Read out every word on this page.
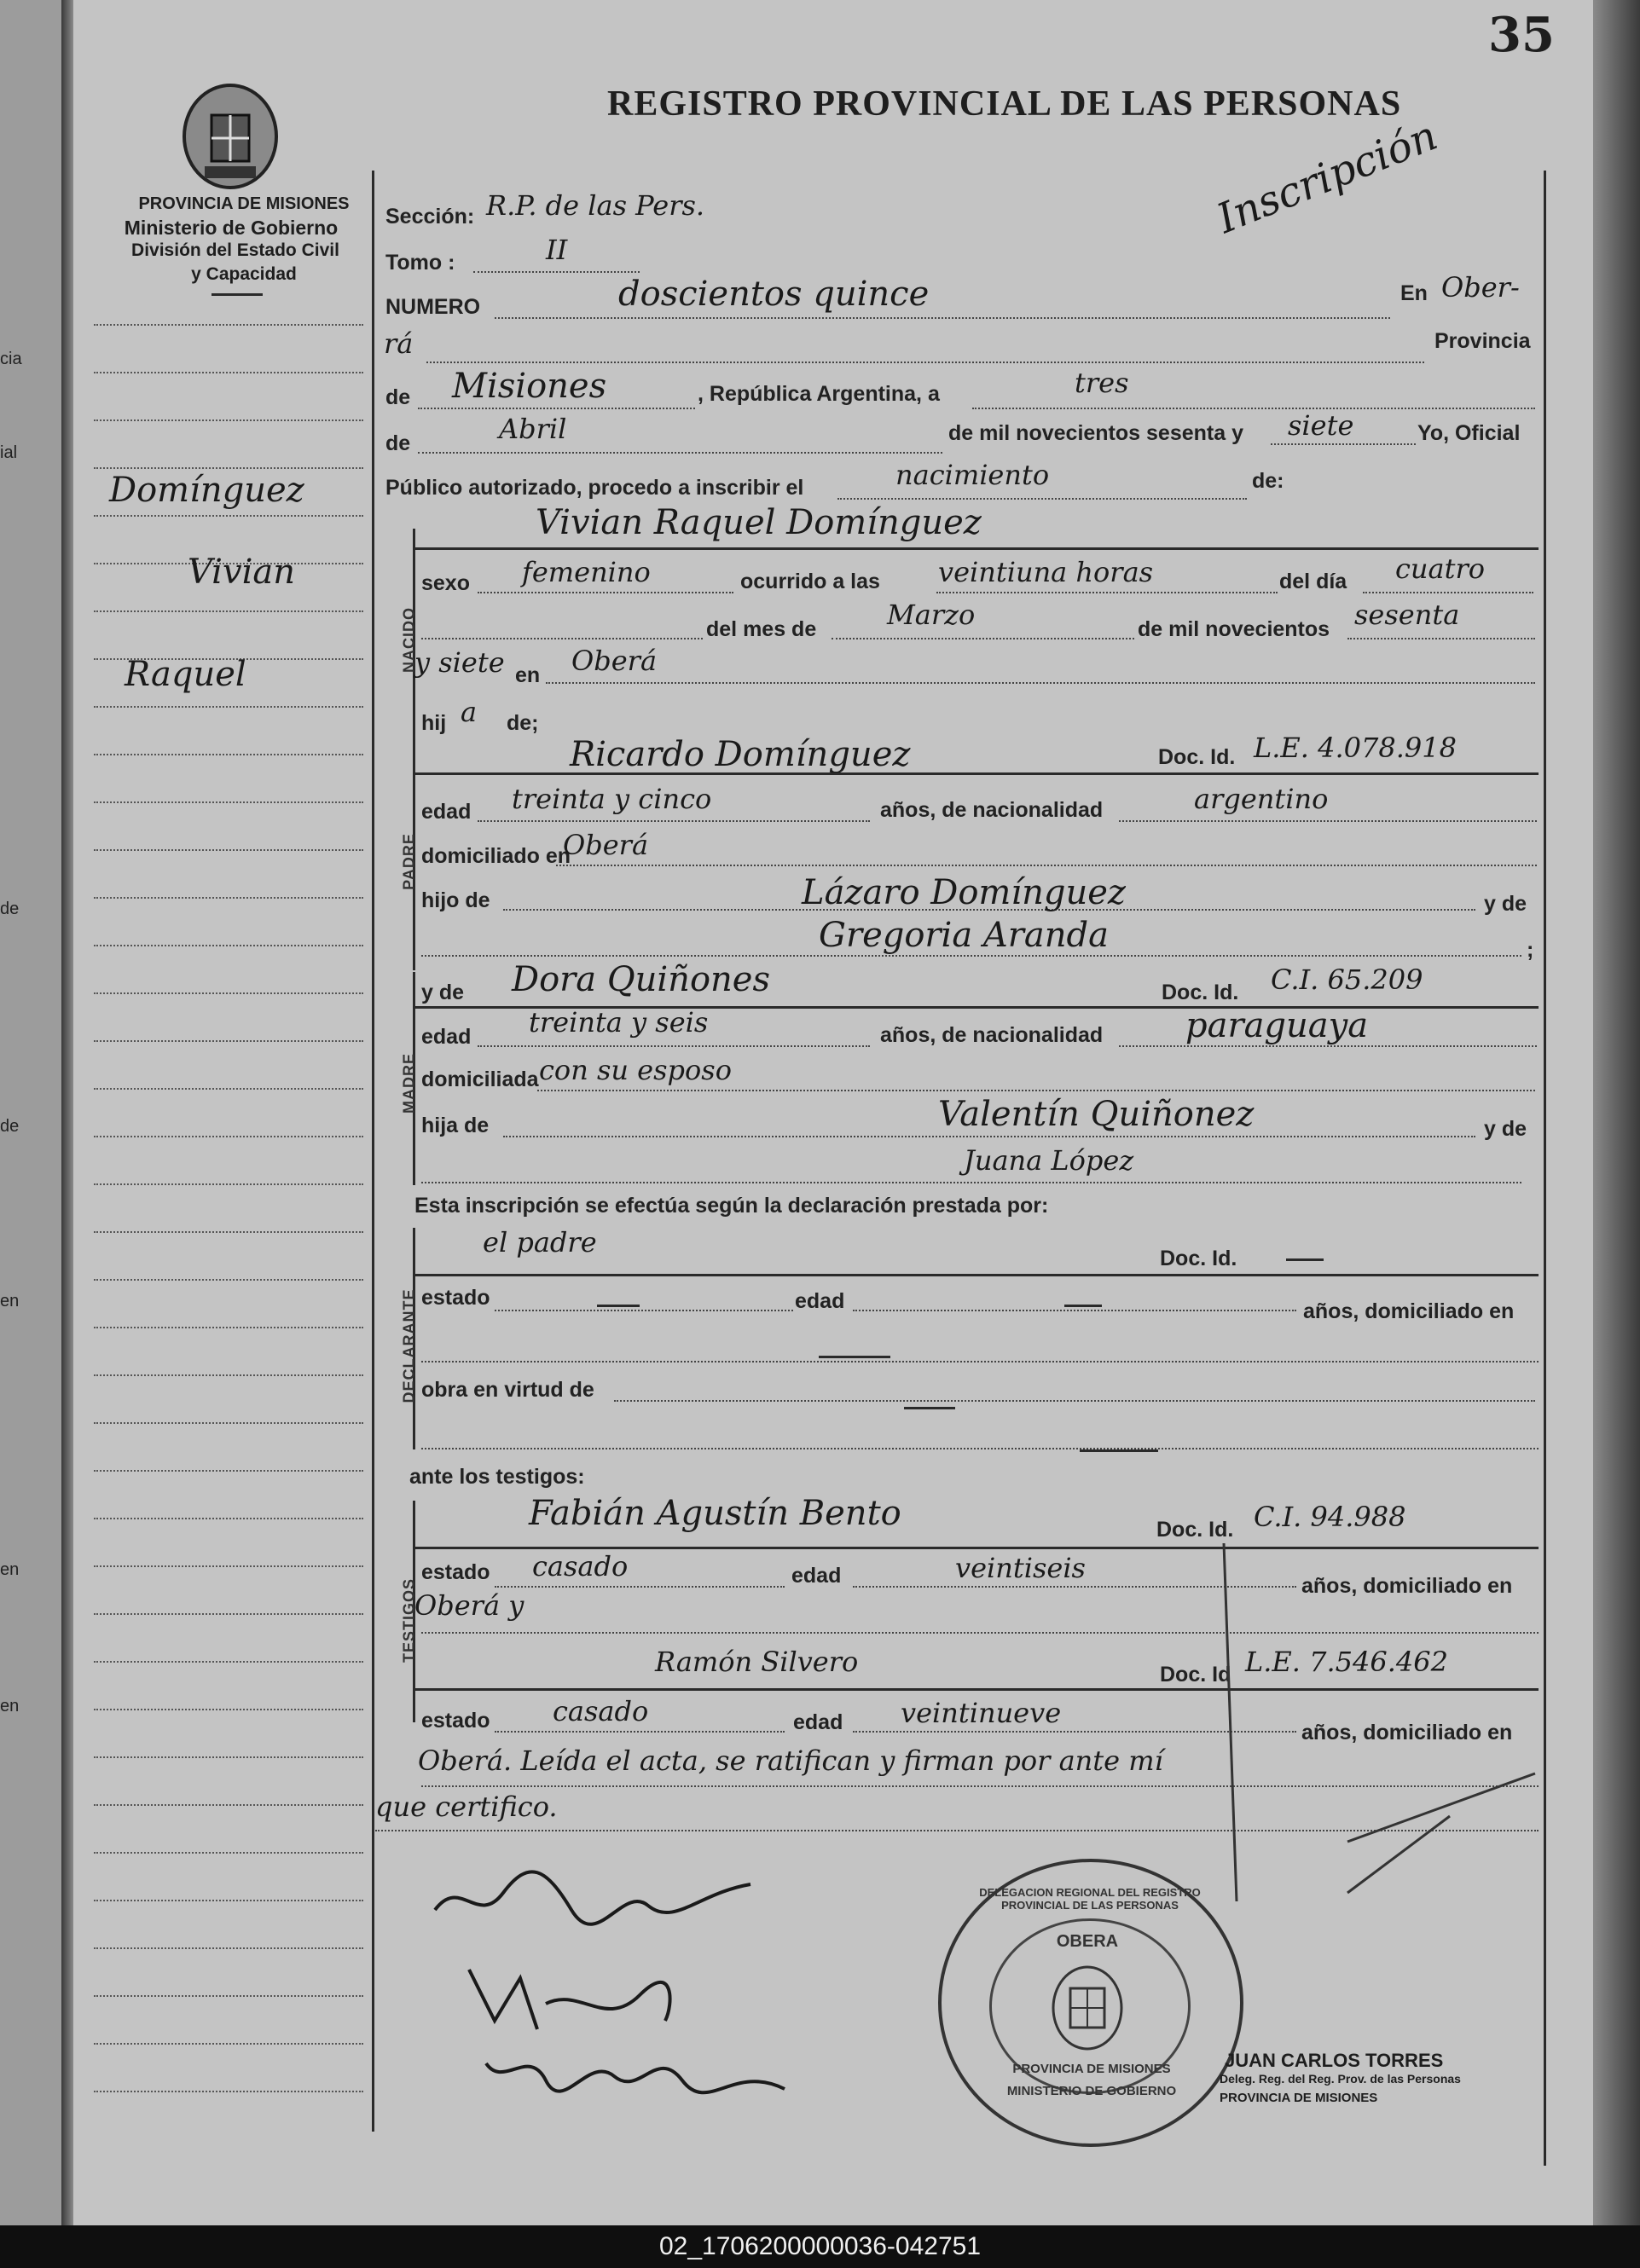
cia
ial
de
de
en
en
en
35
PROVINCIA DE MISIONES
Ministerio de Gobierno
División del Estado Civil
y Capacidad
REGISTRO PROVINCIAL DE LAS PERSONAS
Inscripción
Domínguez
Vivian
Raquel
Sección: R.P. de las Pers.
Tomo :	II
NUMERO	doscientos quince	En Ober-
rá	Provincia
de Misiones	, República Argentina, a	tres
de	Abril	de mil novecientos sesenta y siete	Yo, Oficial
Público autorizado, procedo a inscribir el	nacimiento	de:
NACIDO
Vivian Raquel Domínguez
sexo femenino	ocurrido a las veintiuna horas	del día cuatro
del mes de	Marzo	de mil novecientos sesenta
y siete en Oberá
hij a de;
PADRE
Ricardo Domínguez	Doc. Id. L.E. 4.078.918
edad treinta y cinco	años, de nacionalidad	argentino
domiciliado en
Oberá
hijo de	Lázaro Domínguez	y de
Gregoria Aranda	;
MADRE
y de Dora Quiñones	Doc. Id. C.I. 65.209
edad treinta y seis	años, de nacionalidad paraguaya
domiciliada con su esposo
hija de	Valentín Quiñonez	y de
Juana López
Esta inscripción se efectúa según la declaración prestada por:
DECLARANTE
el padre	Doc. Id.
estado	edad	años, domiciliado en
obra en virtud de
ante los testigos:
TESTIGOS
Fabián Agustín Bento	Doc. Id. C.I. 94.988
estado casado	edad	veintiseis
años, domiciliado en
Oberá y
Ramón Silvero	Doc. Id L.E. 7.546.462
estado casado	edad veintinueve
años, domiciliado en
Oberá. Leída el acta, se ratifican y firman por ante mí
que certifico.
DELEGACION REGIONAL DEL REGISTRO PROVINCIAL DE LAS PERSONAS
OBERA
PROVINCIA DE MISIONES
MINISTERIO DE GOBIERNO
JUAN CARLOS TORRES
Deleg. Reg. del Reg. Prov. de las Personas
PROVINCIA DE MISIONES
02_1706200000036-042751
